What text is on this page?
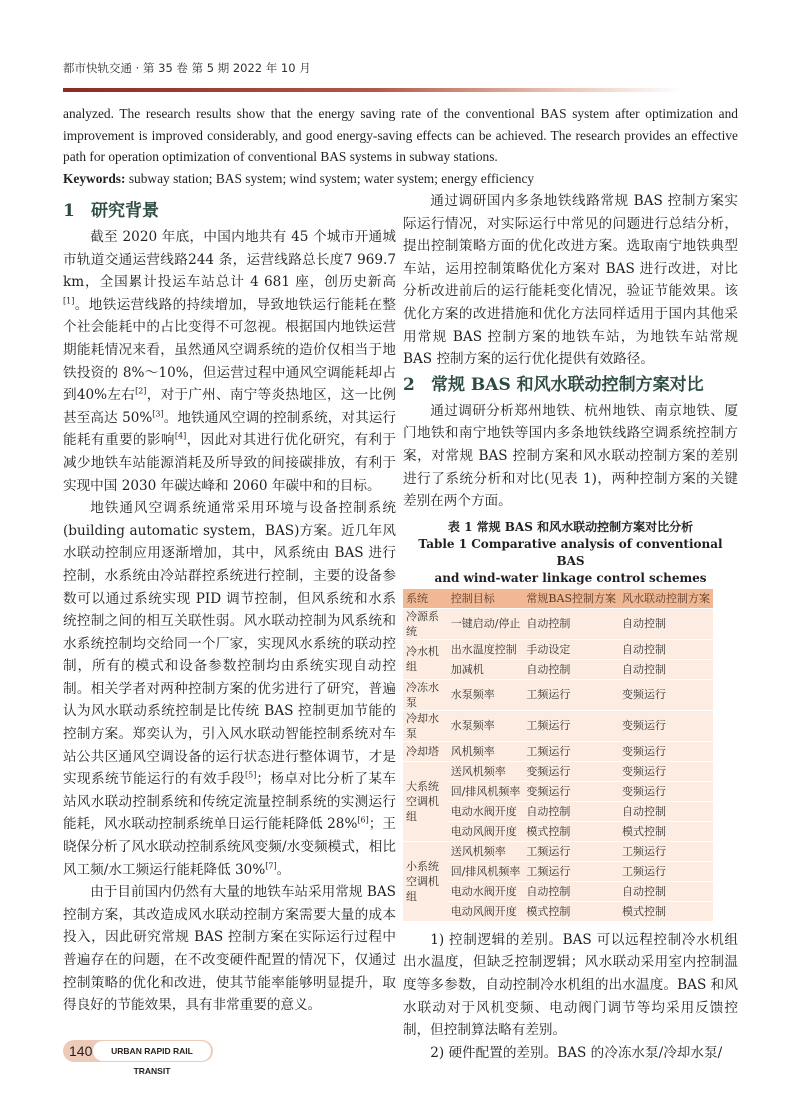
都市快轨交通 · 第 35 卷 第 5 期 2022 年 10 月
analyzed. The research results show that the energy saving rate of the conventional BAS system after optimization and improvement is improved considerably, and good energy-saving effects can be achieved. The research provides an effective path for operation optimization of conventional BAS systems in subway stations.
Keywords: subway station; BAS system; wind system; water system; energy efficiency
1 研究背景

截至 2020 年底，中国内地共有 45 个城市开通城市轨道交通运营线路244 条，运营线路总长度7 969.7 km，全国累计投运车站总计 4 681 座，创历史新高[1]。地铁运营线路的持续增加，导致地铁运行能耗在整个社会能耗中的占比变得不可忽视。根据国内地铁运营期能耗情况来看，虽然通风空调系统的造价仅相当于地铁投资的 8%～10%，但运营过程中通风空调能耗却占到40%左右[2]，对于广州、南宁等炎热地区，这一比例甚至高达 50%[3]。地铁通风空调的控制系统，对其运行能耗有重要的影响[4]，因此对其进行优化研究，有利于减少地铁车站能源消耗及所导致的间接碳排放，有利于实现中国 2030 年碳达峰和 2060 年碳中和的目标。

地铁通风空调系统通常采用环境与设备控制系统(building automatic system，BAS)方案。近几年风水联动控制应用逐渐增加，其中，风系统由 BAS 进行控制，水系统由冷站群控系统进行控制，主要的设备参数可以通过系统实现 PID 调节控制，但风系统和水系统控制之间的相互关联性弱。风水联动控制为风系统和水系统控制均交给同一个厂家，实现风水系统的联动控制，所有的模式和设备参数控制均由系统实现自动控制。相关学者对两种控制方案的优劣进行了研究，普遍认为风水联动系统控制是比传统 BAS 控制更加节能的控制方案。郑奕认为，引入风水联动智能控制系统对车站公共区通风空调设备的运行状态进行整体调节，才是实现系统节能运行的有效手段[5]；杨卓对比分析了某车站风水联动控制系统和传统定流量控制系统的实测运行能耗，风水联动控制系统单日运行能耗降低 28%[6]；王晓保分析了风水联动控制系统风变频/水变频模式，相比风工频/水工频运行能耗降低 30%[7]。

由于目前国内仍然有大量的地铁车站采用常规 BAS 控制方案，其改造成风水联动控制方案需要大量的成本投入，因此研究常规 BAS 控制方案在实际运行过程中普遍存在的问题，在不改变硬件配置的情况下，仅通过控制策略的优化和改进，使其节能率能够明显提升，取得良好的节能效果，具有非常重要的意义。

通过调研国内多条地铁线路常规 BAS 控制方案实际运行情况，对实际运行中常见的问题进行总结分析，提出控制策略方面的优化改进方案。选取南宁地铁典型车站，运用控制策略优化方案对 BAS 进行改进，对比分析改进前后的运行能耗变化情况，验证节能效果。该优化方案的改进措施和优化方法同样适用于国内其他采用常规 BAS 控制方案的地铁车站，为地铁车站常规 BAS 控制方案的运行优化提供有效路径。

2 常规 BAS 和风水联动控制方案对比

通过调研分析郑州地铁、杭州地铁、南京地铁、厦门地铁和南宁地铁等国内多条地铁线路空调系统控制方案，对常规 BAS 控制方案和风水联动控制方案的差别进行了系统分析和对比(见表 1)，两种控制方案的关键差别在两个方面。

表 1 常规 BAS 和风水联动控制方案对比分析
Table 1 Comparative analysis of conventional BAS
and wind-water linkage control schemes
系统	控制目标	常规BAS控制方案	风水联动控制方案
冷源系统	一键启动/停止	自动控制	自动控制
冷水机组	出水温度控制	手动设定	自动控制
	加减机	自动控制	自动控制
冷冻水泵	水泵频率	工频运行	变频运行
冷却水泵	水泵频率	工频运行	变频运行
冷却塔	风机频率	工频运行	变频运行
大系统空调机组	送风机频率	变频运行	变频运行
	回/排风机频率	变频运行	变频运行
	电动水阀开度	自动控制	自动控制
	电动风阀开度	模式控制	模式控制
小系统空调机组	送风机频率	工频运行	工频运行
	回/排风机频率	工频运行	工频运行
	电动水阀开度	自动控制	自动控制
	电动风阀开度	模式控制	模式控制

1) 控制逻辑的差别。BAS 可以远程控制冷水机组出水温度，但缺乏控制逻辑；风水联动采用室内控制温度等多参数，自动控制冷水机组的出水温度。BAS 和风水联动对于风机变频、电动阀门调节等均采用反馈控制，但控制算法略有差别。

2) 硬件配置的差别。BAS 的冷冻水泵/冷却水泵/

140	URBAN RAPID RAIL TRANSIT
